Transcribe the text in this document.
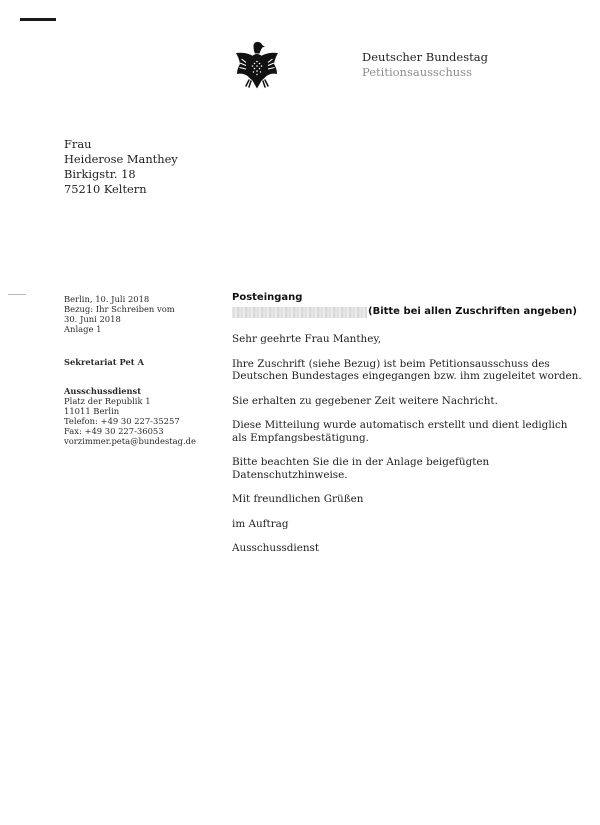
Deutscher Bundestag
Petitionsausschuss
Frau
Heiderose Manthey
Birkigstr. 18
75210 Keltern
Berlin, 10. Juli 2018
Bezug: Ihr Schreiben vom
30. Juni 2018
Anlage 1
Sekretariat Pet A
Ausschussdienst
Platz der Republik 1
11011 Berlin
Telefon: +49 30 227-35257
Fax: +49 30 227-36053
vorzimmer.peta@bundestag.de
Posteingang
(Bitte bei allen Zuschriften angeben)

Sehr geehrte Frau Manthey,

Ihre Zuschrift (siehe Bezug) ist beim Petitionsausschuss des

Deutschen Bundestages eingegangen bzw. ihm zugeleitet worden.

Sie erhalten zu gegebener Zeit weitere Nachricht.

Diese Mitteilung wurde automatisch erstellt und dient lediglich

als Empfangsbestätigung.

Bitte beachten Sie die in der Anlage beigefügten

Datenschutzhinweise.

Mit freundlichen Grüßen

im Auftrag

Ausschussdienst
